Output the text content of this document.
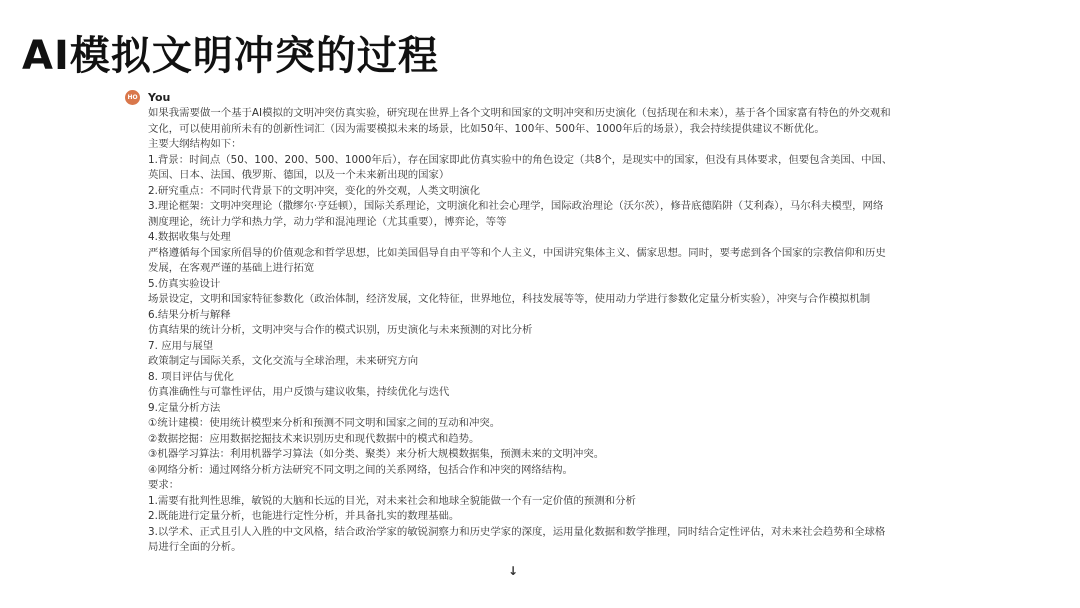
AI模拟文明冲突的过程
HO You

如果我需要做一个基于AI模拟的文明冲突仿真实验，研究现在世界上各个文明和国家的文明冲突和历史演化（包括现在和未来），基于各个国家富有特色的外交观和文化，可以使用前所未有的创新性词汇（因为需要模拟未来的场景，比如50年、100年、500年、1000年后的场景），我会持续提供建议不断优化。

主要大纲结构如下：

1.背景：时间点（50、100、200、500、1000年后），存在国家即此仿真实验中的角色设定（共8个，是现实中的国家，但没有具体要求，但要包含美国、中国、英国、日本、法国、俄罗斯、德国，以及一个未来新出现的国家）

2.研究重点：不同时代背景下的文明冲突，变化的外交观，人类文明演化

3.理论框架：文明冲突理论（撒缪尔·亨廷顿），国际关系理论，文明演化和社会心理学，国际政治理论（沃尔茨），修昔底德陷阱（艾利森），马尔科夫模型，网络测度理论，统计力学和热力学，动力学和混沌理论（尤其重要），博弈论，等等

4.数据收集与处理

严格遵循每个国家所倡导的价值观念和哲学思想，比如美国倡导自由平等和个人主义，中国讲究集体主义、儒家思想。同时，要考虑到各个国家的宗教信仰和历史发展，在客观严谨的基础上进行拓宽

5.仿真实验设计

场景设定，文明和国家特征参数化（政治体制，经济发展，文化特征，世界地位，科技发展等等，使用动力学进行参数化定量分析实验），冲突与合作模拟机制

6.结果分析与解释

仿真结果的统计分析，文明冲突与合作的模式识别，历史演化与未来预测的对比分析

7. 应用与展望

政策制定与国际关系，文化交流与全球治理，未来研究方向

8. 项目评估与优化

仿真准确性与可靠性评估，用户反馈与建议收集，持续优化与迭代

9.定量分析方法

①统计建模：使用统计模型来分析和预测不同文明和国家之间的互动和冲突。

②数据挖掘：应用数据挖掘技术来识别历史和现代数据中的模式和趋势。

③机器学习算法：利用机器学习算法（如分类、聚类）来分析大规模数据集，预测未来的文明冲突。

④网络分析：通过网络分析方法研究不同文明之间的关系网络，包括合作和冲突的网络结构。

要求：

1.需要有批判性思维，敏锐的大脑和长远的目光，对未来社会和地球全貌能做一个有一定价值的预测和分析

2.既能进行定量分析，也能进行定性分析，并具备扎实的数理基础。

3.以学术、正式且引人入胜的中文风格，结合政治学家的敏锐洞察力和历史学家的深度，运用量化数据和数学推理，同时结合定性评估，对未来社会趋势和全球格局进行全面的分析。

↓
